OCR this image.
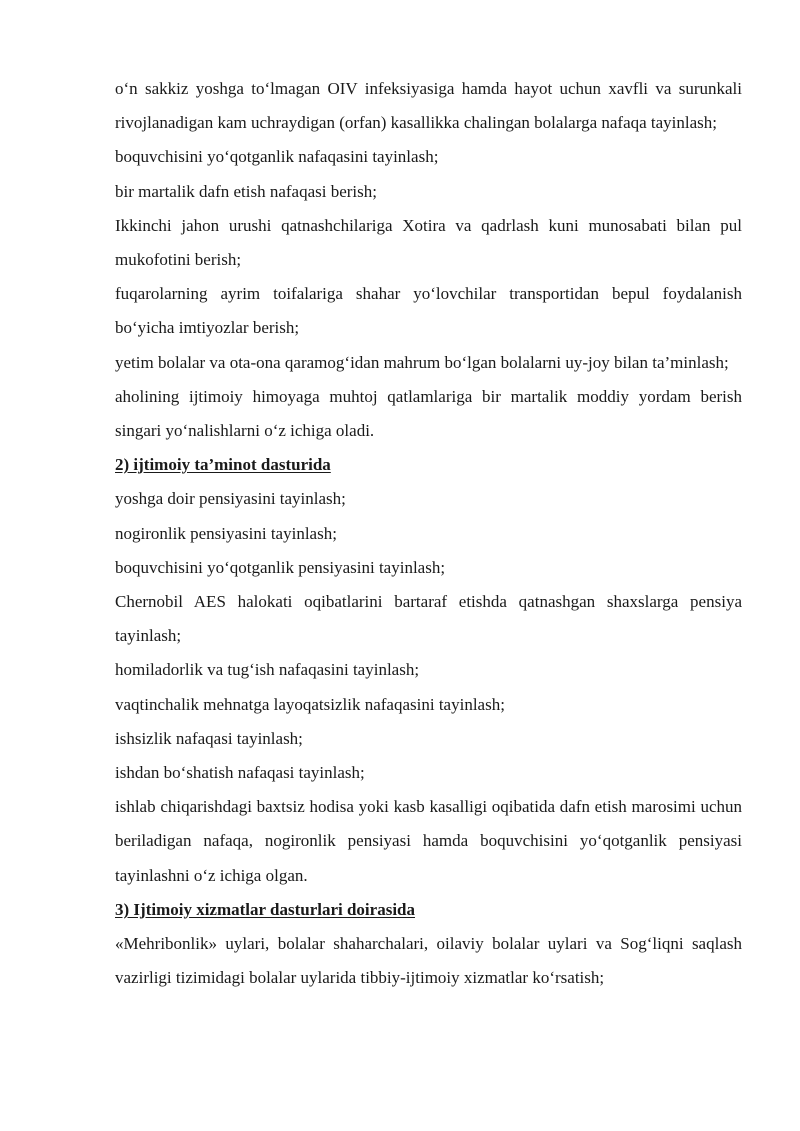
o‘n sakkiz yoshga to‘lmagan OIV infeksiyasiga hamda hayot uchun xavfli va surunkali rivojlanadigan kam uchraydigan (orfan) kasallikka chalingan bolalarga nafaqa tayinlash;

boquvchisini yo‘qotganlik nafaqasini tayinlash;

bir martalik dafn etish nafaqasi berish;

Ikkinchi jahon urushi qatnashchilariga Xotira va qadrlash kuni munosabati bilan pul mukofotini berish;

fuqarolarning ayrim toifalariga shahar yo‘lovchilar transportidan bepul foydalanish bo‘yicha imtiyozlar berish;

yetim bolalar va ota-ona qaramog‘idan mahrum bo‘lgan bolalarni uy-joy bilan ta’minlash;

aholining ijtimoiy himoyaga muhtoj qatlamlariga bir martalik moddiy yordam berish singari yo‘nalishlarni o‘z ichiga oladi.

2) ijtimoiy ta’minot dasturida

yoshga doir pensiyasini tayinlash;

nogironlik pensiyasini tayinlash;

boquvchisini yo‘qotganlik pensiyasini tayinlash;

Chernobil AES halokati oqibatlarini bartaraf etishda qatnashgan shaxslarga pensiya tayinlash;

homiladorlik va tug‘ish nafaqasini tayinlash;

vaqtinchalik mehnatga layoqatsizlik nafaqasini tayinlash;

ishsizlik nafaqasi tayinlash;

ishdan bo‘shatish nafaqasi tayinlash;

ishlab chiqarishdagi baxtsiz hodisa yoki kasb kasalligi oqibatida dafn etish marosimi uchun beriladigan nafaqa, nogironlik pensiyasi hamda boquvchisini yo‘qotganlik pensiyasi tayinlashni o‘z ichiga olgan.

3) Ijtimoiy xizmatlar dasturlari doirasida

«Mehribonlik» uylari, bolalar shaharchalari, oilaviy bolalar uylari va Sog‘liqni saqlash vazirligi tizimidagi bolalar uylarida tibbiy-ijtimoiy xizmatlar ko‘rsatish;
